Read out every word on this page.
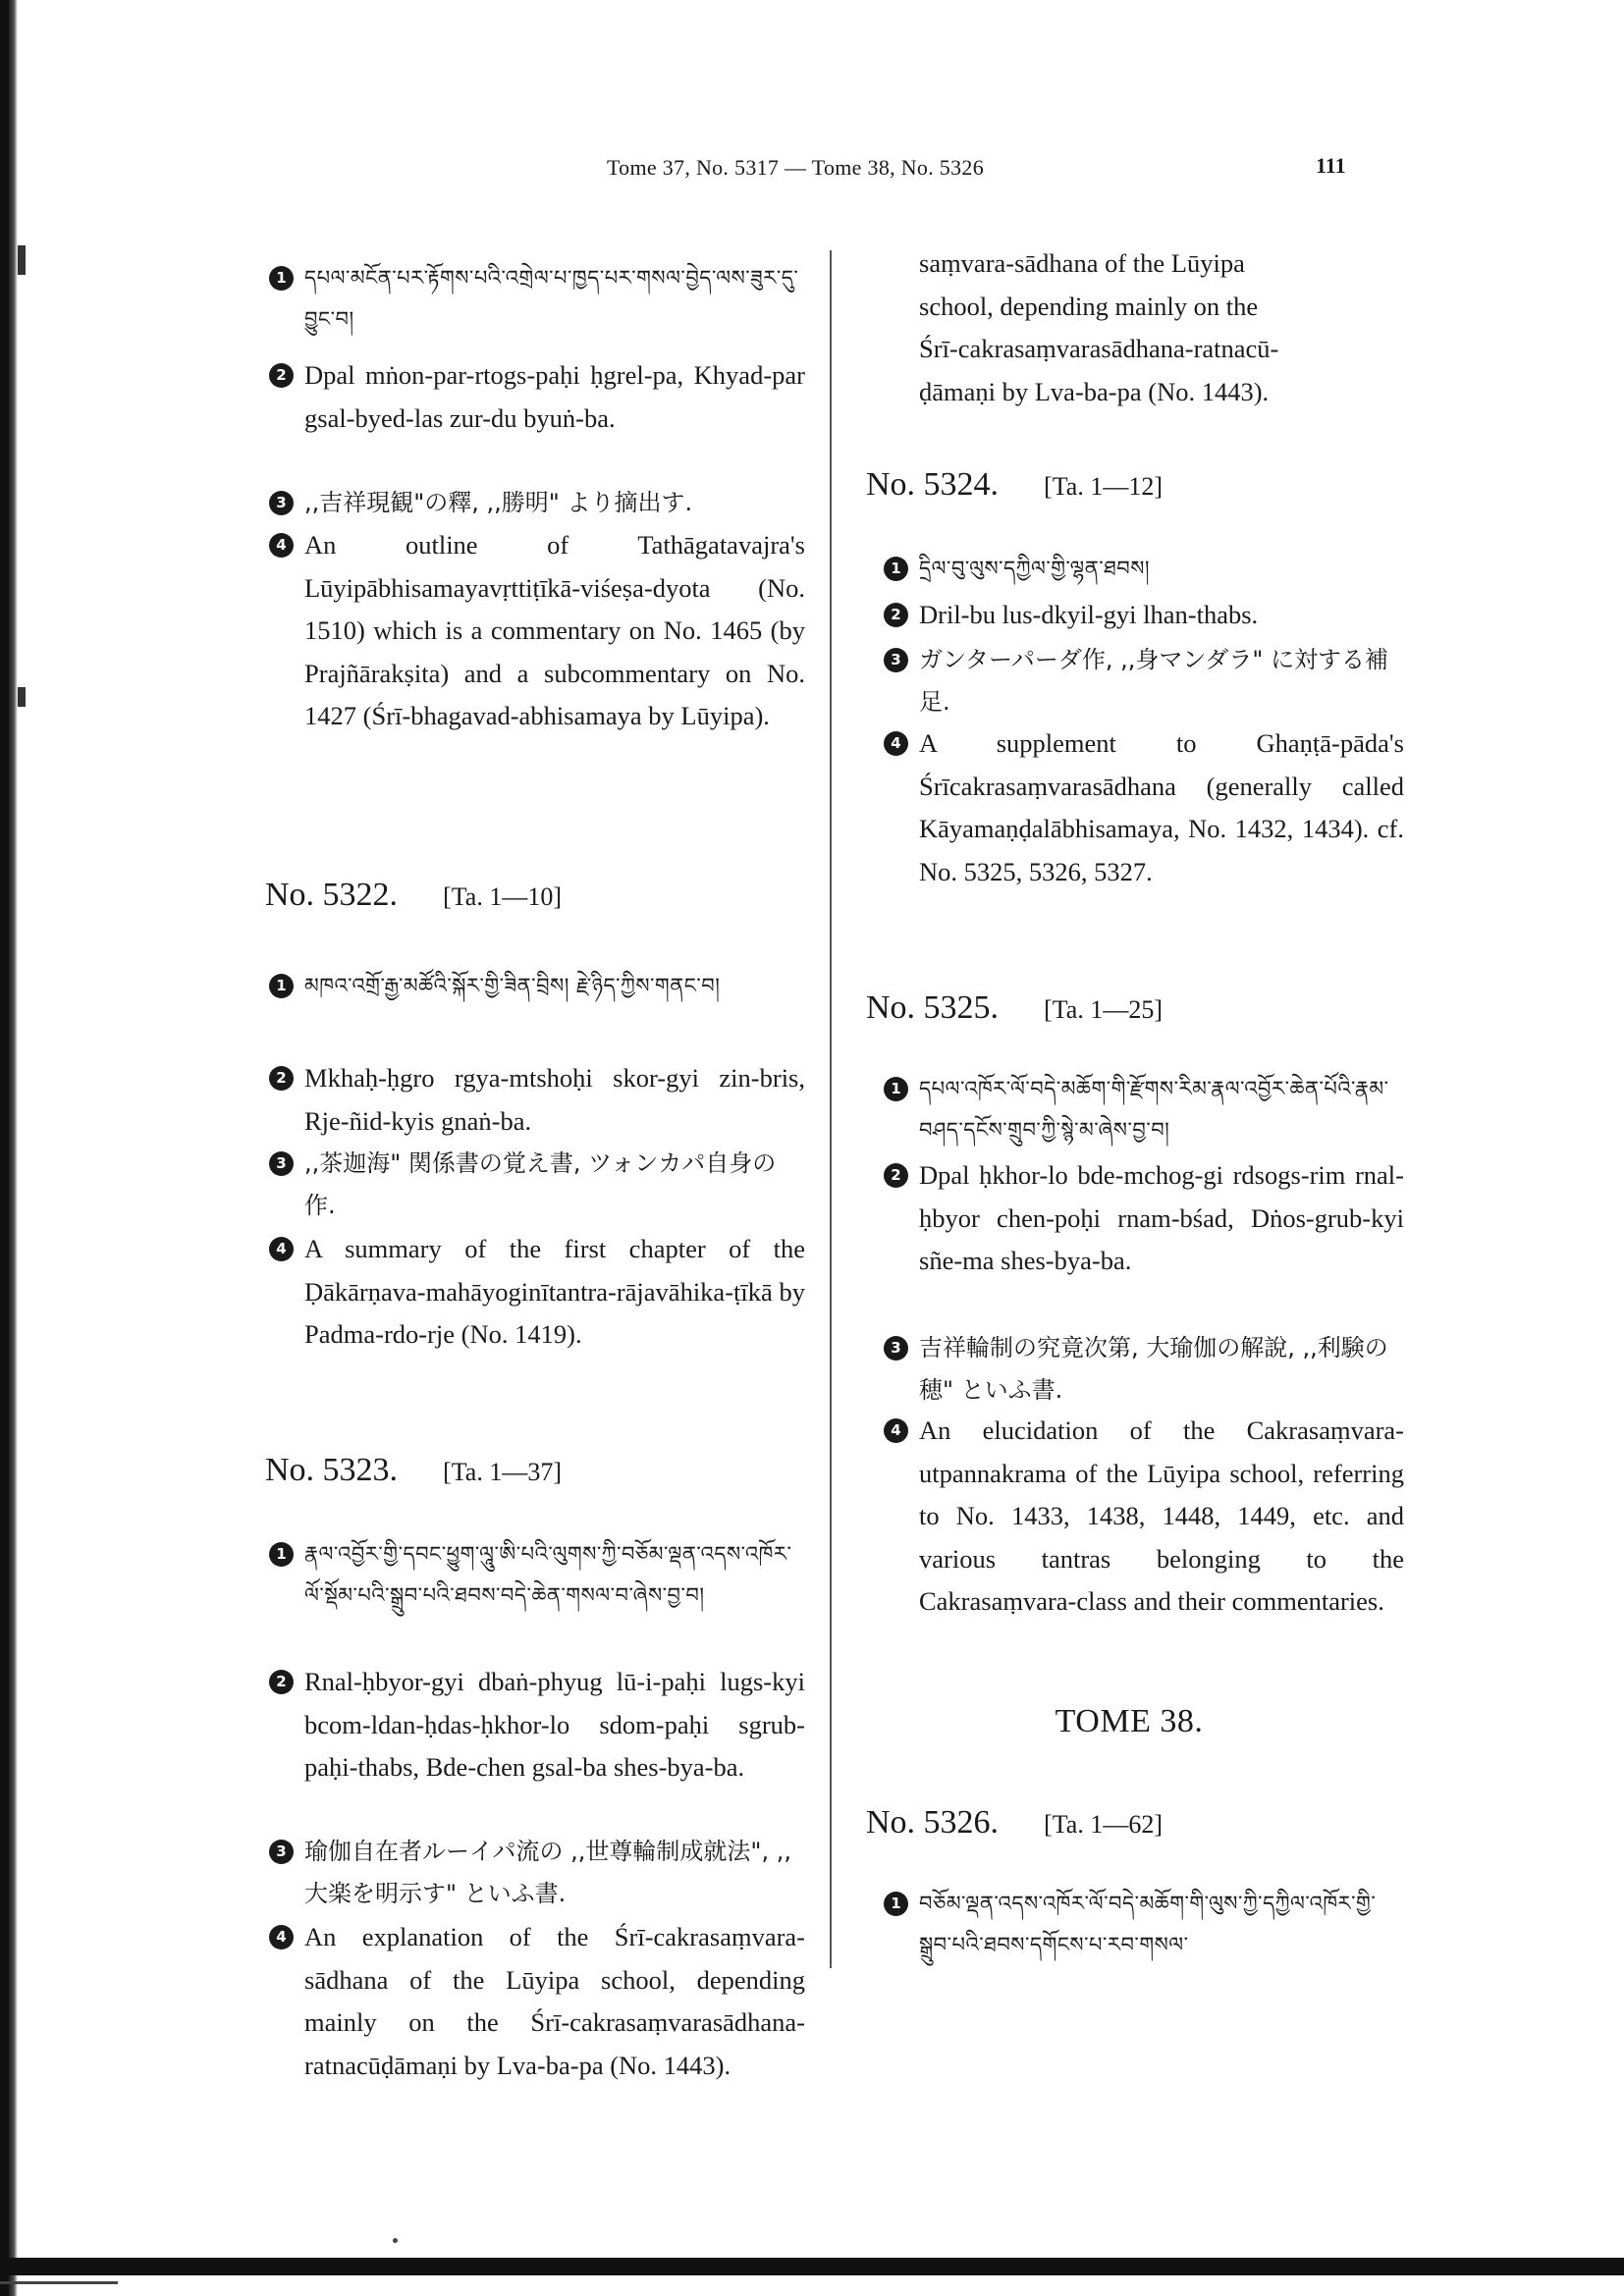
Tome 37, No. 5317 — Tome 38, No. 5326	111
1 དཔལ་མངོན་པར་རྟོགས་པའི་འགྲེལ་པ་ཁྱད་པར་གསལ་བྱེད་ལས་ཟུར་དུ་བྱུང་བ།
2 Dpal mṅon-par-rtogs-paḥi ḥgrel-pa, Khyad-par gsal-byed-las zur-du byuṅ-ba.
3 ,,吉祥現観"の釋, ,,勝明" より摘出す.
4 An outline of Tathāgatavajra's Lūyipābhisamayavṛttiṭīkā-viśeṣa-dyota (No. 1510) which is a commentary on No. 1465 (by Prajñārakṣita) and a subcommentary on No. 1427 (Śrī-bhagavad-abhisamaya by Lūyipa).
No. 5322. [Ta. 1—10]
1 མཁའ་འགྲོ་རྒྱ་མཚོའི་སྐོར་གྱི་ཟིན་བྲིས། རྗེ་ཉིད་ཀྱིས་གནང་བ།
2 Mkhaḥ-ḥgro rgya-mtshoḥi skor-gyi zin-bris, Rje-ñid-kyis gnaṅ-ba.
3 ,,茶迦海" 関係書の覚え書, ツォンカパ自身の作.
4 A summary of the first chapter of the Ḍākārṇava-mahāyoginītantra-rājavāhika-ṭīkā by Padma-rdo-rje (No. 1419).
No. 5323. [Ta. 1—37]
1 རྣལ་འབྱོར་གྱི་དབང་ཕྱུག་ལཱུ་ཨི་པའི་ལུགས་ཀྱི་བཅོམ་ལྡན་འདས་འཁོར་ལོ་སྡོམ་པའི་སྒྲུབ་པའི་ཐབས་བདེ་ཆེན་གསལ་བ་ཞེས་བྱ་བ།
2 Rnal-ḥbyor-gyi dbaṅ-phyug lū-i-paḥi lugs-kyi bcom-ldan-ḥdas-ḥkhor-lo sdom-paḥi sgrub-paḥi-thabs, Bde-chen gsal-ba shes-bya-ba.
3 瑜伽自在者ルーイパ流の ,,世尊輪制成就法", ,,大楽を明示す" といふ書.
4 An explanation of the Śrī-cakrasaṃvara-sādhana of the Lūyipa school, depending mainly on the Śrī-cakrasaṃvarasādhana-ratnacūḍāmaṇi by Lva-ba-pa (No. 1443).
saṃvara-sādhana of the Lūyipa
school, depending mainly on the
Śrī-cakrasaṃvarasādhana-ratnacū-
ḍāmaṇi by Lva-ba-pa (No. 1443).
No. 5324. [Ta. 1—12]
1 དྲིལ་བུ་ལུས་དཀྱིལ་གྱི་ལྷན་ཐབས།
2 Dril-bu lus-dkyil-gyi lhan-thabs.
3 ガンターパーダ作, ,,身マンダラ" に対する補足.
4 A supplement to Ghaṇṭā-pāda's Śrīcakrasaṃvarasādhana (generally called Kāyamaṇḍalābhisamaya, No. 1432, 1434). cf. No. 5325, 5326, 5327.
No. 5325. [Ta. 1—25]
1 དཔལ་འཁོར་ལོ་བདེ་མཆོག་གི་རྫོགས་རིམ་རྣལ་འབྱོར་ཆེན་པོའི་རྣམ་བཤད་དངོས་གྲུབ་ཀྱི་སྙེ་མ་ཞེས་བྱ་བ།
2 Dpal ḥkhor-lo bde-mchog-gi rdsogs-rim rnal-ḥbyor chen-poḥi rnam-bśad, Dṅos-grub-kyi sñe-ma shes-bya-ba.
3 吉祥輪制の究竟次第, 大瑜伽の解說, ,,利験の穂" といふ書.
4 An elucidation of the Cakrasaṃvara-utpannakrama of the Lūyipa school, referring to No. 1433, 1438, 1448, 1449, etc. and various tantras belonging to the Cakrasaṃvara-class and their commentaries.
TOME 38.
No. 5326. [Ta. 1—62]
1 བཅོམ་ལྡན་འདས་འཁོར་ལོ་བདེ་མཆོག་གི་ལུས་ཀྱི་དཀྱིལ་འཁོར་གྱི་སྒྲུབ་པའི་ཐབས་དགོངས་པ་རབ་གསལ་
